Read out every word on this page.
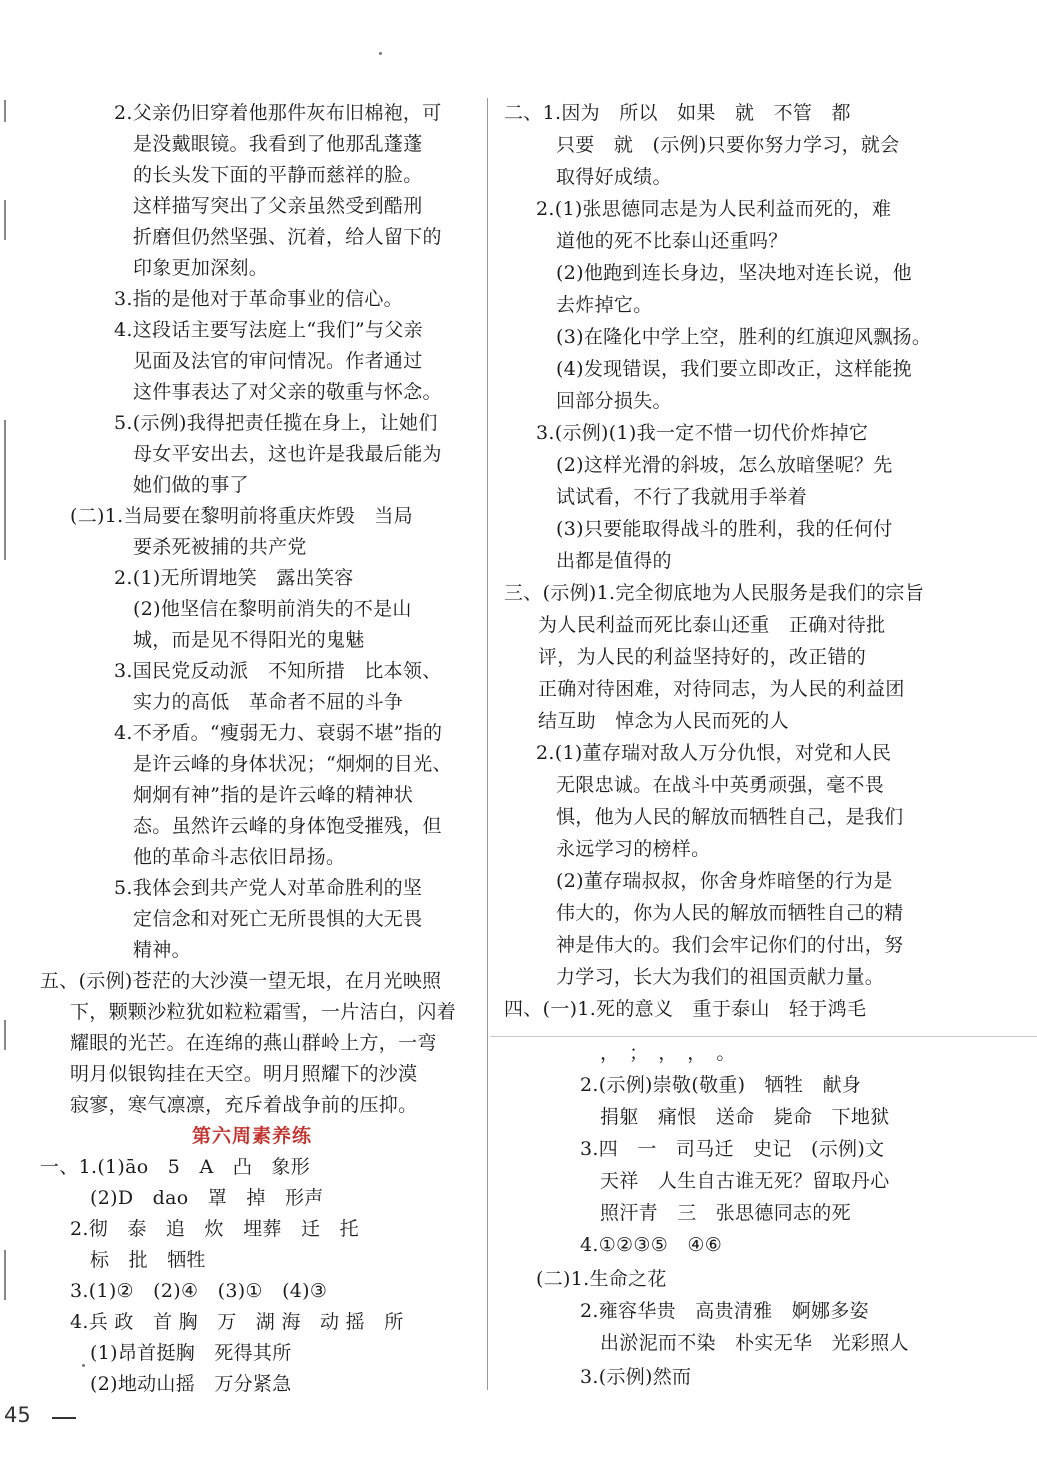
2.父亲仍旧穿着他那件灰布旧棉袍，可
是没戴眼镜。我看到了他那乱蓬蓬
的长头发下面的平静而慈祥的脸。
这样描写突出了父亲虽然受到酷刑
折磨但仍然坚强、沉着，给人留下的
印象更加深刻。
3.指的是他对于革命事业的信心。
4.这段话主要写法庭上“我们”与父亲
见面及法官的审问情况。作者通过
这件事表达了对父亲的敬重与怀念。
5.(示例)我得把责任揽在身上，让她们
母女平安出去，这也许是我最后能为
她们做的事了
(二)1.当局要在黎明前将重庆炸毁　当局
要杀死被捕的共产党
2.(1)无所谓地笑　露出笑容
(2)他坚信在黎明前消失的不是山
城，而是见不得阳光的鬼魅
3.国民党反动派　不知所措　比本领、
实力的高低　革命者不屈的斗争
4.不矛盾。“瘦弱无力、衰弱不堪”指的
是许云峰的身体状况；“炯炯的目光、
炯炯有神”指的是许云峰的精神状
态。虽然许云峰的身体饱受摧残，但
他的革命斗志依旧昂扬。
5.我体会到共产党人对革命胜利的坚
定信念和对死亡无所畏惧的大无畏
精神。
五、(示例)苍茫的大沙漠一望无垠，在月光映照
下，颗颗沙粒犹如粒粒霜雪，一片洁白，闪着
耀眼的光芒。在连绵的燕山群岭上方，一弯
明月似银钩挂在天空。明月照耀下的沙漠
寂寥，寒气凛凛，充斥着战争前的压抑。
第六周素养练
一、1.(1)āo　5　A　凸　象形
(2)D　dao　罩　掉　形声
2.彻　泰　追　炊　埋葬　迁　托
标　批　牺牲
3.(1)②　(2)④　(3)①　(4)③
4.兵 政　首 胸　万　湖 海　动 摇　所
(1)昂首挺胸　死得其所
(2)地动山摇　万分紧急
二、1.因为　所以　如果　就　不管　都
只要　就　(示例)只要你努力学习，就会
取得好成绩。
2.(1)张思德同志是为人民利益而死的，难
道他的死不比泰山还重吗？
(2)他跑到连长身边，坚决地对连长说，他
去炸掉它。
(3)在隆化中学上空，胜利的红旗迎风飘扬。
(4)发现错误，我们要立即改正，这样能挽
回部分损失。
3.(示例)(1)我一定不惜一切代价炸掉它
(2)这样光滑的斜坡，怎么放暗堡呢？先
试试看，不行了我就用手举着
(3)只要能取得战斗的胜利，我的任何付
出都是值得的
三、(示例)1.完全彻底地为人民服务是我们的宗旨
为人民利益而死比泰山还重　正确对待批
评，为人民的利益坚持好的，改正错的
正确对待困难，对待同志，为人民的利益团
结互助　悼念为人民而死的人
2.(1)董存瑞对敌人万分仇恨，对党和人民
无限忠诚。在战斗中英勇顽强，毫不畏
惧，他为人民的解放而牺牲自己，是我们
永远学习的榜样。
(2)董存瑞叔叔，你舍身炸暗堡的行为是
伟大的，你为人民的解放而牺牲自己的精
神是伟大的。我们会牢记你们的付出，努
力学习，长大为我们的祖国贡献力量。
四、(一)1.死的意义　重于泰山　轻于鸿毛
，　；　，　，　。
2.(示例)崇敬(敬重)　牺牲　献身
捐躯　痛恨　送命　毙命　下地狱
3.四　一　司马迁　史记　(示例)文
天祥　人生自古谁无死？留取丹心
照汗青　三　张思德同志的死
4.①②③⑤　④⑥
(二)1.生命之花
2.雍容华贵　高贵清雅　婀娜多姿
出淤泥而不染　朴实无华　光彩照人
3.(示例)然而
45
